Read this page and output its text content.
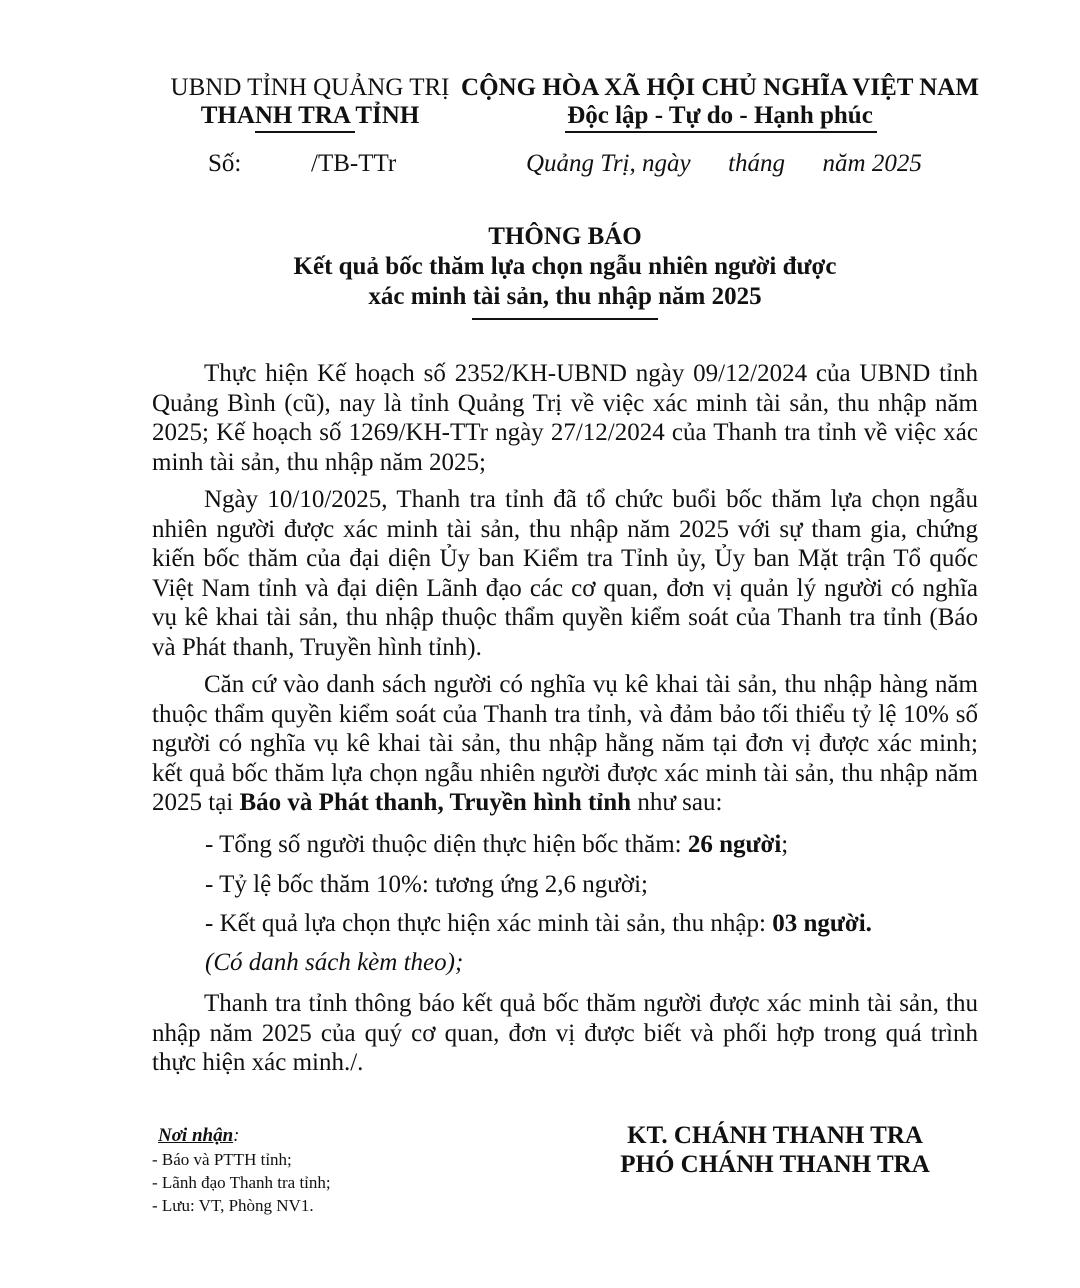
UBND TỈNH QUẢNG TRỊ
THANH TRA TỈNH
CỘNG HÒA XÃ HỘI CHỦ NGHĨA VIỆT NAM
Độc lập - Tự do - Hạnh phúc
Số:	/TB-TTr	Quảng Trị, ngày      tháng      năm 2025
THÔNG BÁO
Kết quả bốc thăm lựa chọn ngẫu nhiên người được
xác minh tài sản, thu nhập năm 2025

Thực hiện Kế hoạch số 2352/KH-UBND ngày 09/12/2024 của UBND tỉnh Quảng Bình (cũ), nay là tỉnh Quảng Trị về việc xác minh tài sản, thu nhập năm 2025; Kế hoạch số 1269/KH-TTr ngày 27/12/2024 của Thanh tra tỉnh về việc xác minh tài sản, thu nhập năm 2025;

Ngày 10/10/2025, Thanh tra tỉnh đã tổ chức buổi bốc thăm lựa chọn ngẫu nhiên người được xác minh tài sản, thu nhập năm 2025 với sự tham gia, chứng kiến bốc thăm của đại diện Ủy ban Kiểm tra Tỉnh ủy, Ủy ban Mặt trận Tổ quốc Việt Nam tỉnh và đại diện Lãnh đạo các cơ quan, đơn vị quản lý người có nghĩa vụ kê khai tài sản, thu nhập thuộc thẩm quyền kiểm soát của Thanh tra tỉnh (Báo và Phát thanh, Truyền hình tỉnh).

Căn cứ vào danh sách người có nghĩa vụ kê khai tài sản, thu nhập hàng năm thuộc thẩm quyền kiểm soát của Thanh tra tỉnh, và đảm bảo tối thiểu tỷ lệ 10% số người có nghĩa vụ kê khai tài sản, thu nhập hằng năm tại đơn vị được xác minh; kết quả bốc thăm lựa chọn ngẫu nhiên người được xác minh tài sản, thu nhập năm 2025 tại Báo và Phát thanh, Truyền hình tỉnh như sau:

- Tổng số người thuộc diện thực hiện bốc thăm: 26 người;
- Tỷ lệ bốc thăm 10%: tương ứng 2,6 người;
- Kết quả lựa chọn thực hiện xác minh tài sản, thu nhập: 03 người.
(Có danh sách kèm theo);

Thanh tra tỉnh thông báo kết quả bốc thăm người được xác minh tài sản, thu nhập năm 2025 của quý cơ quan, đơn vị được biết và phối hợp trong quá trình thực hiện xác minh./.

Nơi nhận:
- Báo và PTTH tỉnh;
- Lãnh đạo Thanh tra tỉnh;
- Lưu: VT, Phòng NV1.
KT. CHÁNH THANH TRA
PHÓ CHÁNH THANH TRA
